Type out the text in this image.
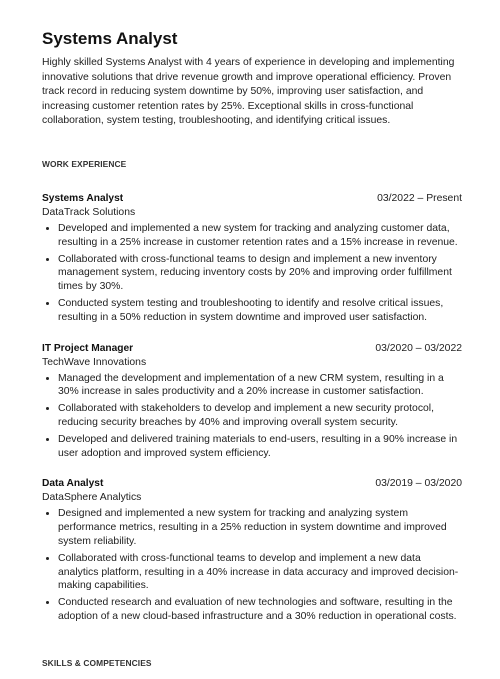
Systems Analyst

Highly skilled Systems Analyst with 4 years of experience in developing and implementing innovative solutions that drive revenue growth and improve operational efficiency. Proven track record in reducing system downtime by 50%, improving user satisfaction, and increasing customer retention rates by 25%. Exceptional skills in cross-functional collaboration, system testing, troubleshooting, and identifying critical issues.

WORK EXPERIENCE
Systems Analyst	03/2022 – Present
DataTrack Solutions
• Developed and implemented a new system for tracking and analyzing customer data, resulting in a 25% increase in customer retention rates and a 15% increase in revenue.
• Collaborated with cross-functional teams to design and implement a new inventory management system, reducing inventory costs by 20% and improving order fulfillment times by 30%.
• Conducted system testing and troubleshooting to identify and resolve critical issues, resulting in a 50% reduction in system downtime and improved user satisfaction.
IT Project Manager	03/2020 – 03/2022
TechWave Innovations
• Managed the development and implementation of a new CRM system, resulting in a 30% increase in sales productivity and a 20% increase in customer satisfaction.
• Collaborated with stakeholders to develop and implement a new security protocol, reducing security breaches by 40% and improving overall system security.
• Developed and delivered training materials to end-users, resulting in a 90% increase in user adoption and improved system efficiency.
Data Analyst	03/2019 – 03/2020
DataSphere Analytics
• Designed and implemented a new system for tracking and analyzing system performance metrics, resulting in a 25% reduction in system downtime and improved system reliability.
• Collaborated with cross-functional teams to develop and implement a new data analytics platform, resulting in a 40% increase in data accuracy and improved decision-making capabilities.
• Conducted research and evaluation of new technologies and software, resulting in the adoption of a new cloud-based infrastructure and a 30% reduction in operational costs.
SKILLS & COMPETENCIES
